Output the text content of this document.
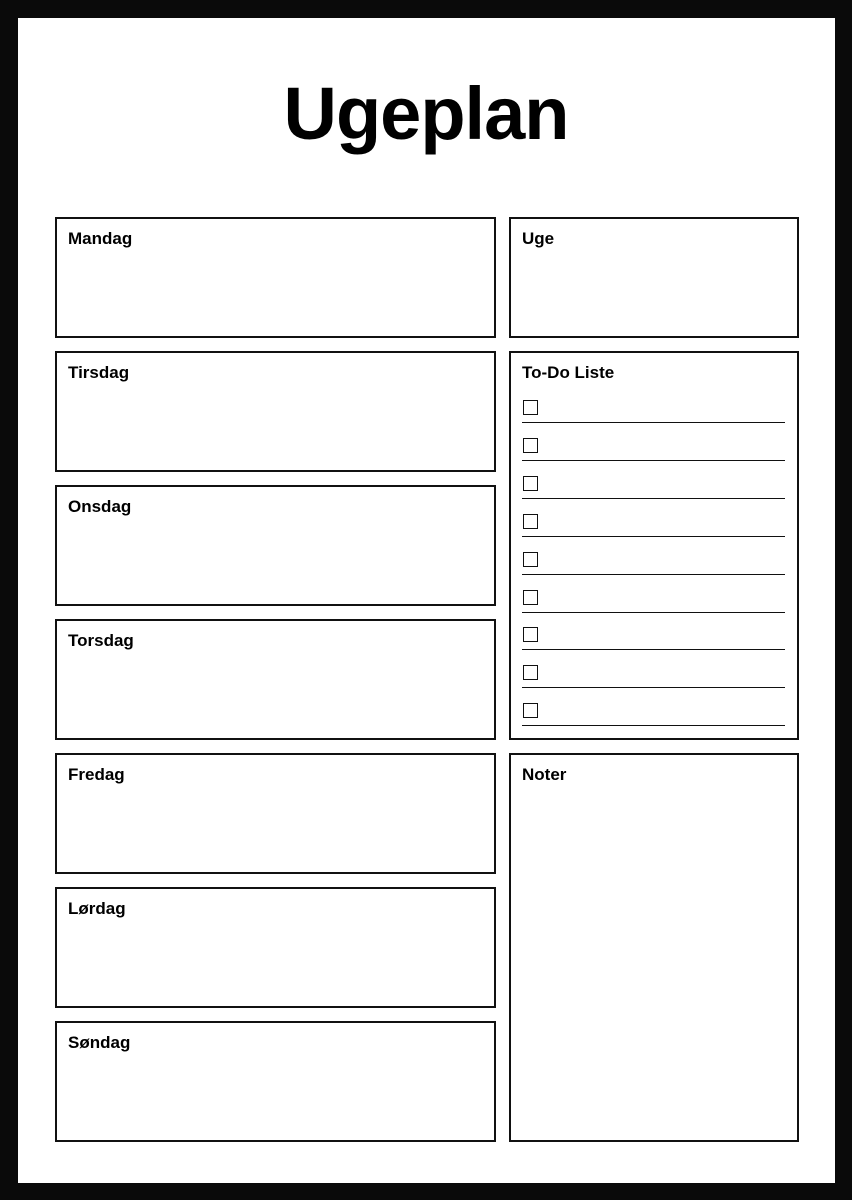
Ugeplan
Mandag
Tirsdag
Onsdag
Torsdag
Fredag
Lørdag
Søndag
Uge
To-Do Liste
Noter
